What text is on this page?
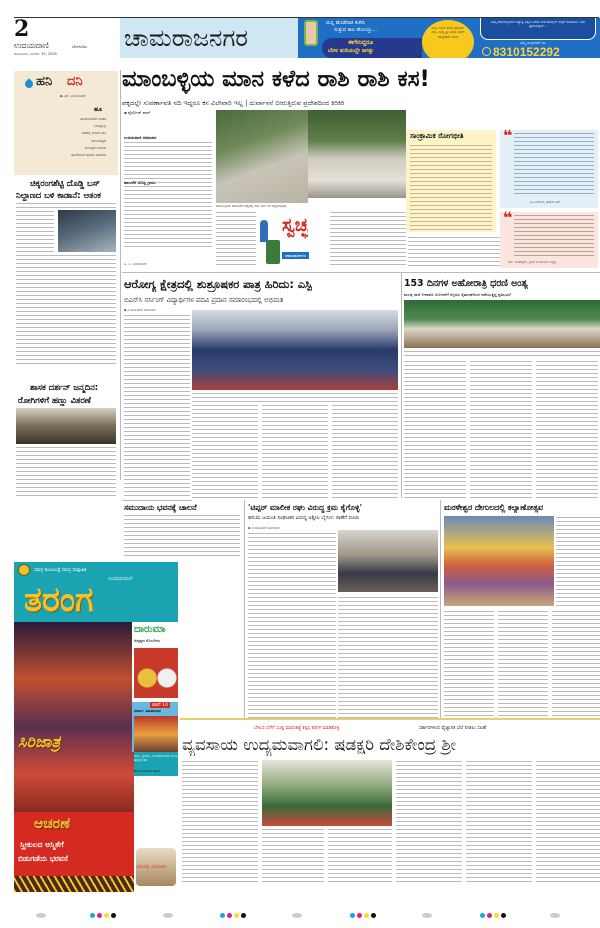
2
ಉದಯವಾಣಿ	ಬೆಂಗಳೂರು
ಸೋಮವಾರ, ಮಾರ್ಚ್ 30, 2026
ಚಾಮರಾಜನಗರ
ಮನ್ನಿ ಹೊಡೆದಾಕ ಕಚೇರಿ
ಸುತ್ತುವ ಕಾಲ ಹೋಯ್ತು...
ಈಗೇನಿದ್ದರೂ
ಬೆರಳ ತುದಿಯಲ್ಲೇ ಜಗತ್ತು
ನಿಮ್ಮ ಊರ್ನ ಕುರಿತ ಫೋಟೋ ಕಳಿಸಿ. ಸುದ್ದಿ ಫ್ರೀ ಮಾಡಿ ನಮಗೆ ವಾಟ್ಸ್ಆಪ್ ಮಾಡಿ
ನಿಮ್ಮ ಕಾಮರಾಜ್ಯನಗರ ಅತ್ಯುತ್ತ ವಿಶ್ವಿಕ ಎಣಿದು ಟೀಕ ಮೊಬೈಲ್ ಅವುಗೆ ಕಳಿಸಿಕೊಡಿ. ಅದು ಪ್ರಕಟಿಸುತ್ತೇವೆ...
ನಮ್ಮ ವಾಟ್ಸ್ಆಪ್ ನಂ.
8310152292
ಹನಿ ದನಿ
▪ ಎಸ್. ಮಂಜುನಾಥ್
ಹೂ
ಹೊರೆಯಿಸಬೇಕ ಸಂತತ
ನಿಂಡನ್ನುವು
ಗಿಡದಲ್ಲಿ ಅರಳಿದ ಹೂ
ಕಾಣರಿಸುತ್ತವೆ
ಮುಡಿಸ್ಟೇಗ ಅರಳದ
ಹೊರೆಗಿರುವ ಹುಡುಗ ಹುಡುಗಾ
ಮಾಂಬಳ್ಳಿಯ ಮಾನ ಕಳೆದ ರಾಶಿ ರಾಶಿ ಕಸ!
ಪಕ್ಕದಲ್ಲೇ ಸುವರ್ಣಾವತಿ ನದಿ ಇದ್ದರೂ ಕಸ ವಿಲೇವಾರಿ ಇಲ್ಲ | ದುರ್ವಾಸನೆ ಬೀರುತ್ತಿರುವ ಪ್ರದೇಶದಿಂದ ಕಿರಿಕಿರಿ
▪ ಫೈರೋಜ್ ಖಾನ್
ಉದಯವಾಣಿ ಸಮಾಚಾರ
ಹಾಲುಕೆರೆ ದೊಡ್ಡ ಗ್ರಾಮ:
ಮಾಂಬಳ್ಳಿಯ ಹಾಲುಕೆರೆ ಪಕ್ಕದಲ್ಲಿ ರಾಶಿ ರಾಶಿ ಕಸ ಬಿದ್ದಿರುವುದು.
ಸ್ವಚ್ಛ
ಚಾಮರಾಜನಗರ
ಪಿ. ಸಿ. ಶಿವಕುಮಾರ್
ಸಾಂಕ್ರಾಮಿಕ ರೋಗಭೀತಿ ❝
ಪಿ.ಸಿ.ಶೇಖರ, ಹಾಲಿಕ ಎಲ್.
❝
ಆನ್. ಮಹೇಶ್ವರ್, ಗ್ರಾಮ ಪಂಚಾಯಿತಿ ಅಧ್ಯಕ್ಷ
ಚಿಕ್ಕರಂಗಶೆಟ್ಟಿ ದೊಡ್ಡಿ ಬಸ್
ನಿಲ್ದಾಣದ ಬಳಿ ಕಾಡಾನೆ: ಆತಂಕ
ಶಾಸಕ ದರ್ಶನ್ ಜನ್ಮದಿನ:
ರೋಗಿಗಳಿಗೆ ಹಣ್ಣು ವಿತರಣೆ
ಆರೋಗ್ಯ ಕ್ಷೇತ್ರದಲ್ಲಿ ಶುಶ್ರೂಷಕರ ಪಾತ್ರ ಹಿರಿದು: ಎಸ್ಪಿ
ಬಿಎಸ್‌ಸಿ ನರ್ಸಿಂಗ್ ವಿದ್ಯಾರ್ಥಿಗಳ ಪದವಿ ಪ್ರದಾನ ಸಮಾರಂಭದಲ್ಲಿ ಅಭಿಮತ
▪ ಉದಯವಾಣಿ ಸಮಾಚಾರ
153 ದಿನಗಳ ಅಹೋರಾತ್ರಿ ಧರಣಿ ಅಂತ್ಯ
ಮಂಡ್ಯ ನಾಲೆ ನೀರಾವರಿ ಯೋಜನೆಗೆ ಆಗ್ರಹಿಸಿ ರೈತಸಂಘದಿಂದ ನಡೆಯುತ್ತಿದ್ದ ಪ್ರತಿಭಟನೆ
ಸಮುದಾಯ ಭವನಕ್ಕೆ ಚಾಲನೆ	'ಟಿಪ್ಪರ್ ಮಾಲೀಕ ರಘು ವಿರುದ್ಧ ಕ್ರಮ ಕೈಗೊಳ್ಳಿ'
ಹನುಮ ಜಯಂತಿ ಸಂಘಟಕರ ವಿರುದ್ಧ ಅಶ್ಲೀಲ ಬೈಗುಳ: ಠಾಣೆಗೆ ದೂರು
▪ ಉದಯವಾಣಿ ಸಮಾಚಾರ
ಮರಳೇಶ್ವರ ದೇಗುಲದಲ್ಲಿ ಕಲ್ಯಾಣೋತ್ಸವ
ಸಮಗ್ರ ಕುಟುಂಬಕ್ಕೆ ಸಮಗ್ರ ಸಾಪ್ತಾಹಿಕ
ಉದಯವಾಣಿ
ತರಂಗ
ದಾರುಮಾ
ಅದೃಷ್ಟದ ಗೊಂಬೆಗಳು
ಟಾಪ್ 10
ನೇಪಾಳ- ಪಶುಪತಿನಾಥ
ವಾಡಿ, ಬ್ಯಾಗೇರಿ, ಸುಂದರಮುಡಿದೇ ಸುಲಭ ಹೆಜ್ಜೆಯ ಕತೆ
ಹೊಸ ದಿನದಾಯಿ ಕಥಾಜಿ
ಸಿರಿಜಾತ್ರೆ
ಆಚರಣೆ
ಸ್ತ್ರೀಕುಲದ ಅಸ್ಮಿತೆಗೆ
ಬಿಡುಗಡೆಯ ಭರವಸೆ
ನಗುವಕ್ಕ ಎಕೋಹಾ
ಬೇಲದ ಬೆಳೆಗೆ ಸೂಕ್ತ ಮಾರುಕಟ್ಟೆ ಕಲ್ಪಿಸಿ ಕರಗಳ ಮಾಡಿಕೊಳ್ಳಿ	ಸರ್ಕಾರಗಳಿಂದ ವೈಜ್ಞಾನಿಕ ಬೆಲೆ ನೀಡಲು ಸಲಹೆ
ವ್ಯವಸಾಯ ಉದ್ಯಮವಾಗಲಿ: ಷಡಕ್ಷರಿ ದೇಶಿಕೇಂದ್ರ ಶ್ರೀ
